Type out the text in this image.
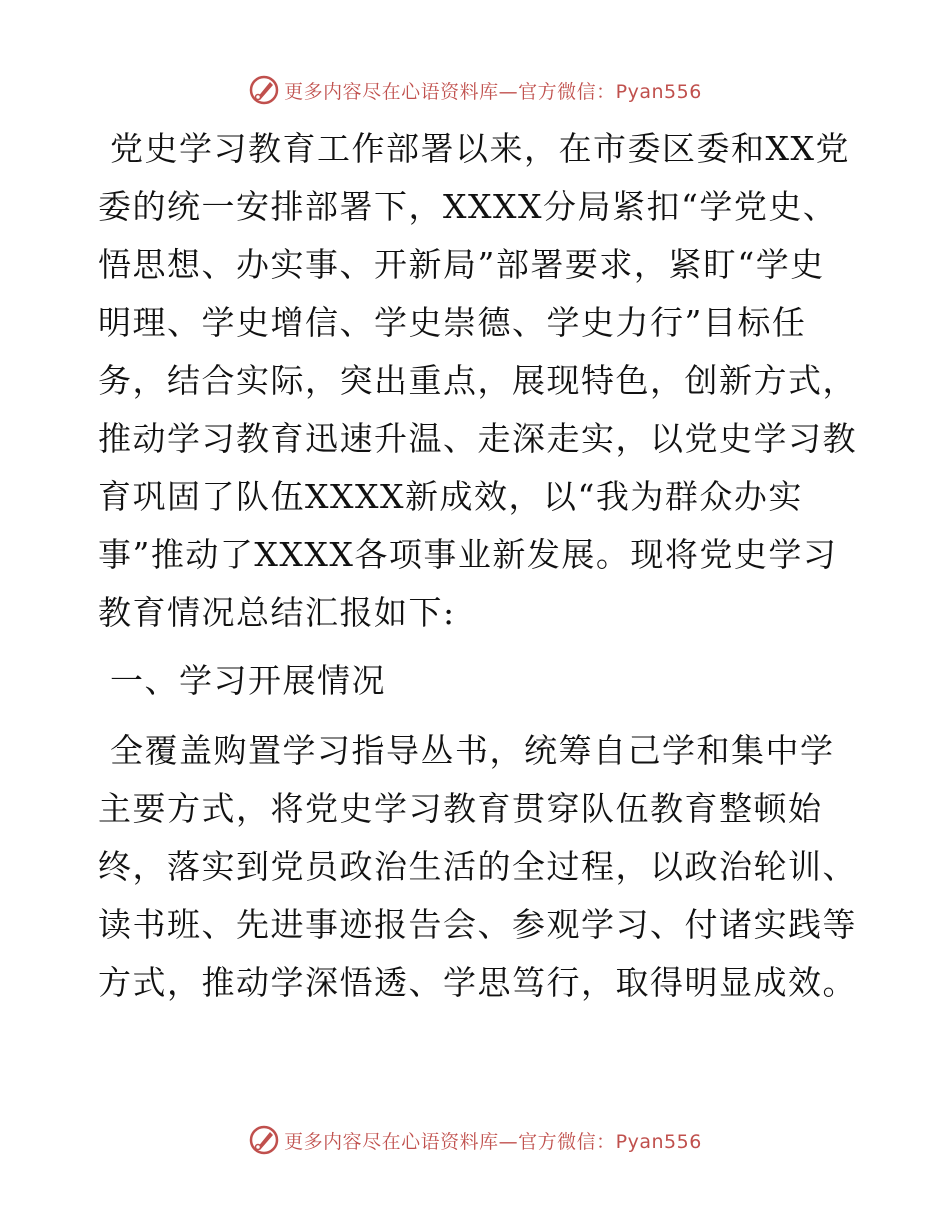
更多内容尽在心语资料库—官方微信：Pyan556

党史学习教育工作部署以来，在市委区委和XX党委的统一安排部署下，XXXX分局紧扣“学党史、悟思想、办实事、开新局”部署要求，紧盯“学史明理、学史增信、学史崇德、学史力行”目标任务，结合实际，突出重点，展现特色，创新方式，推动学习教育迅速升温、走深走实，以党史学习教育巩固了队伍XXXX新成效，以“我为群众办实事”推动了XXXX各项事业新发展。现将党史学习教育情况总结汇报如下:

一、学习开展情况

全覆盖购置学习指导丛书，统筹自己学和集中学主要方式，将党史学习教育贯穿队伍教育整顿始终，落实到党员政治生活的全过程，以政治轮训、读书班、先进事迹报告会、参观学习、付诸实践等方式，推动学深悟透、学思笃行，取得明显成效。

更多内容尽在心语资料库—官方微信：Pyan556
